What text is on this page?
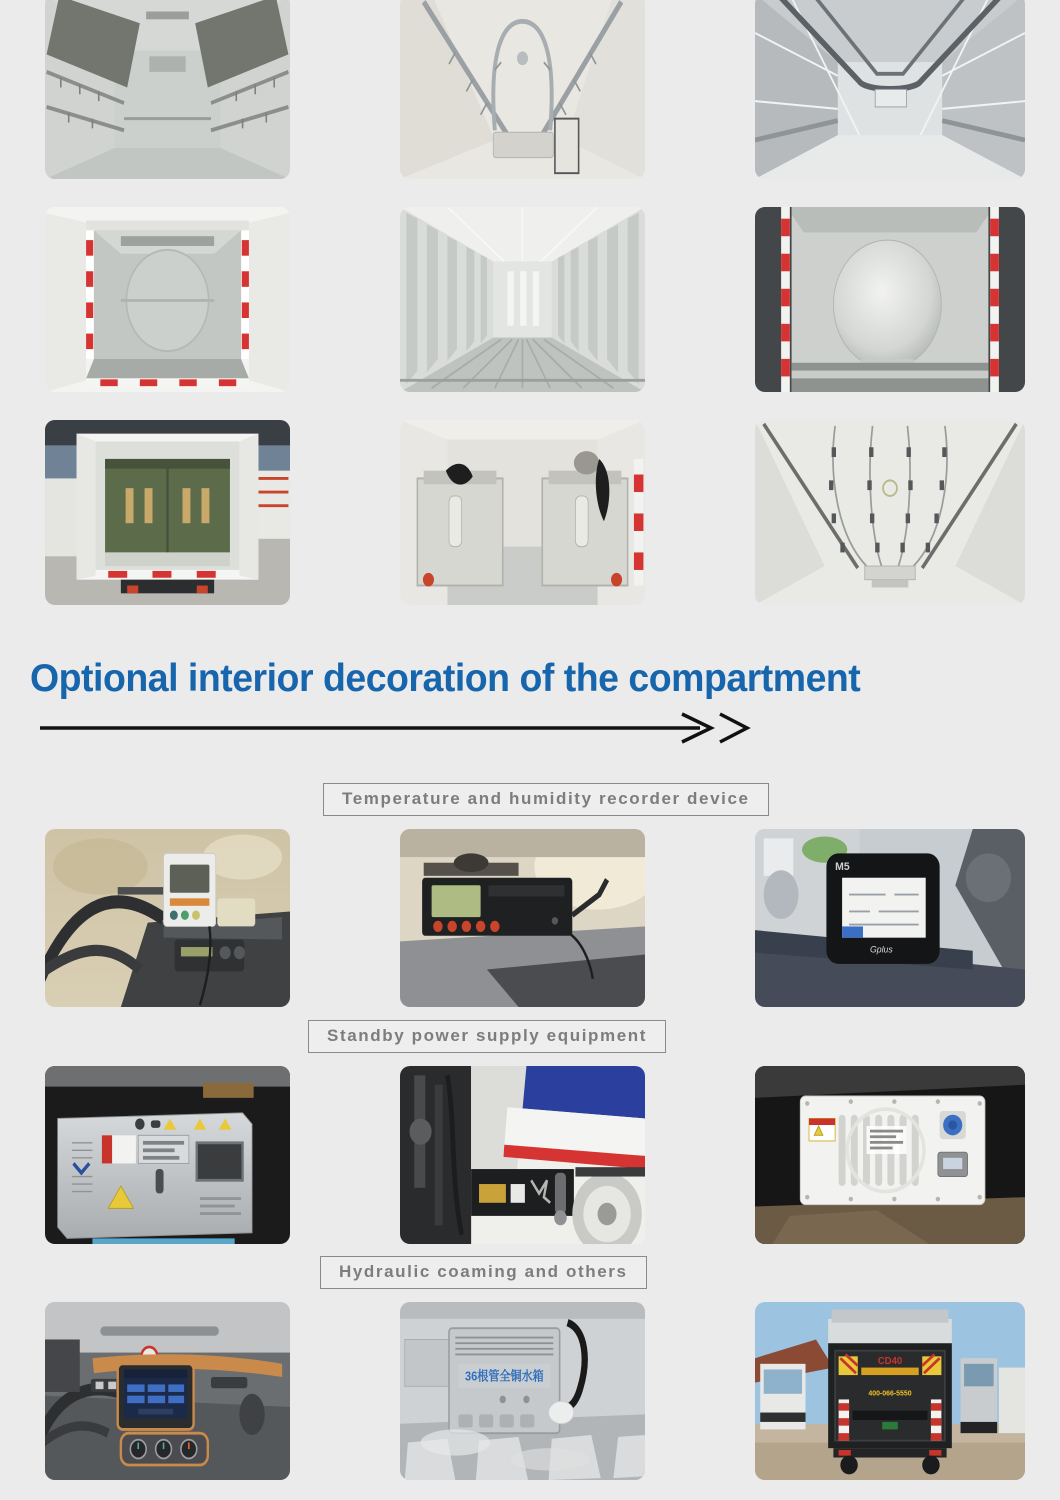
Optional interior decoration of the compartment
Temperature and humidity recorder device
M5
Gplus
Standby power supply equipment
Hydraulic coaming and others
36根管全铜水箱
CD40
400-066-5550
